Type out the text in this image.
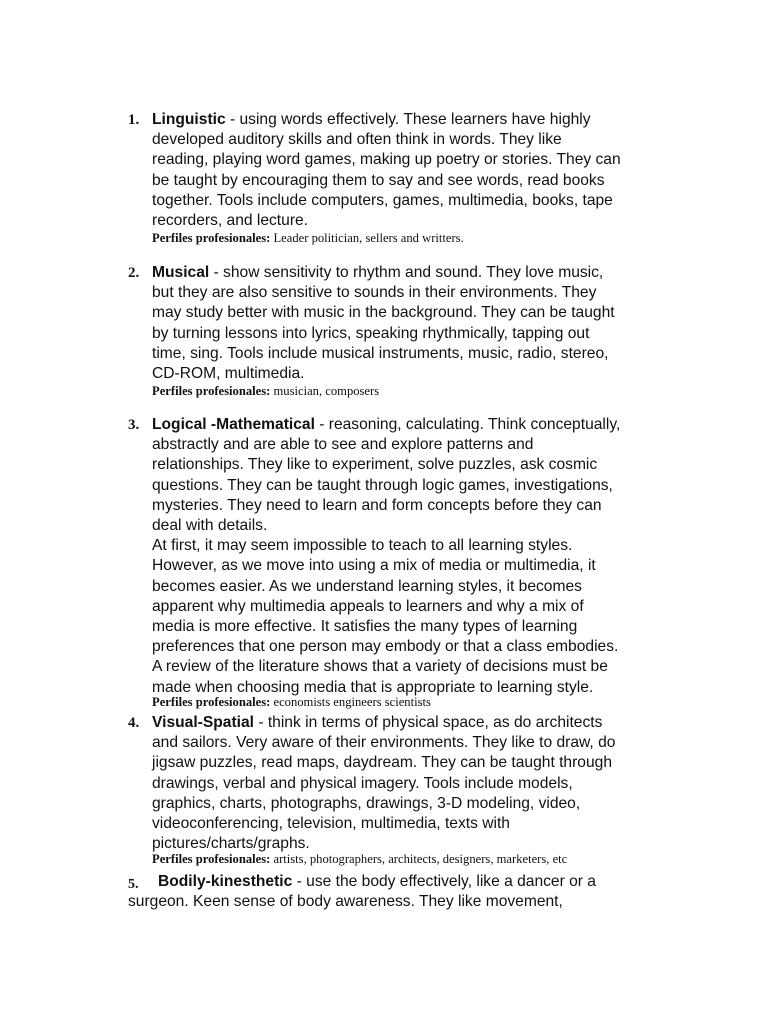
1. Linguistic - using words effectively. These learners have highly

developed auditory skills and often think in words. They like

reading, playing word games, making up poetry or stories. They can

be taught by encouraging them to say and see words, read books

together. Tools include computers, games, multimedia, books, tape

recorders, and lecture.

Perfiles profesionales: Leader politician, sellers and writters.

2. Musical - show sensitivity to rhythm and sound. They love music,

but they are also sensitive to sounds in their environments. They

may study better with music in the background. They can be taught

by turning lessons into lyrics, speaking rhythmically, tapping out

time, sing. Tools include musical instruments, music, radio, stereo,

CD-ROM, multimedia.

Perfiles profesionales: musician, composers

3. Logical -Mathematical - reasoning, calculating. Think conceptually,

abstractly and are able to see and explore patterns and

relationships. They like to experiment, solve puzzles, ask cosmic

questions. They can be taught through logic games, investigations,

mysteries. They need to learn and form concepts before they can

deal with details.

At first, it may seem impossible to teach to all learning styles.

However, as we move into using a mix of media or multimedia, it

becomes easier. As we understand learning styles, it becomes

apparent why multimedia appeals to learners and why a mix of

media is more effective. It satisfies the many types of learning

preferences that one person may embody or that a class embodies.

A review of the literature shows that a variety of decisions must be

made when choosing media that is appropriate to learning style.

Perfiles profesionales: economists engineers scientists

4. Visual-Spatial - think in terms of physical space, as do architects

and sailors. Very aware of their environments. They like to draw, do

jigsaw puzzles, read maps, daydream. They can be taught through

drawings, verbal and physical imagery. Tools include models,

graphics, charts, photographs, drawings, 3-D modeling, video,

videoconferencing, television, multimedia, texts with

pictures/charts/graphs.

Perfiles profesionales: artists, photographers, architects, designers, marketers, etc

5. Bodily-kinesthetic - use the body effectively, like a dancer or a

surgeon. Keen sense of body awareness. They like movement,
